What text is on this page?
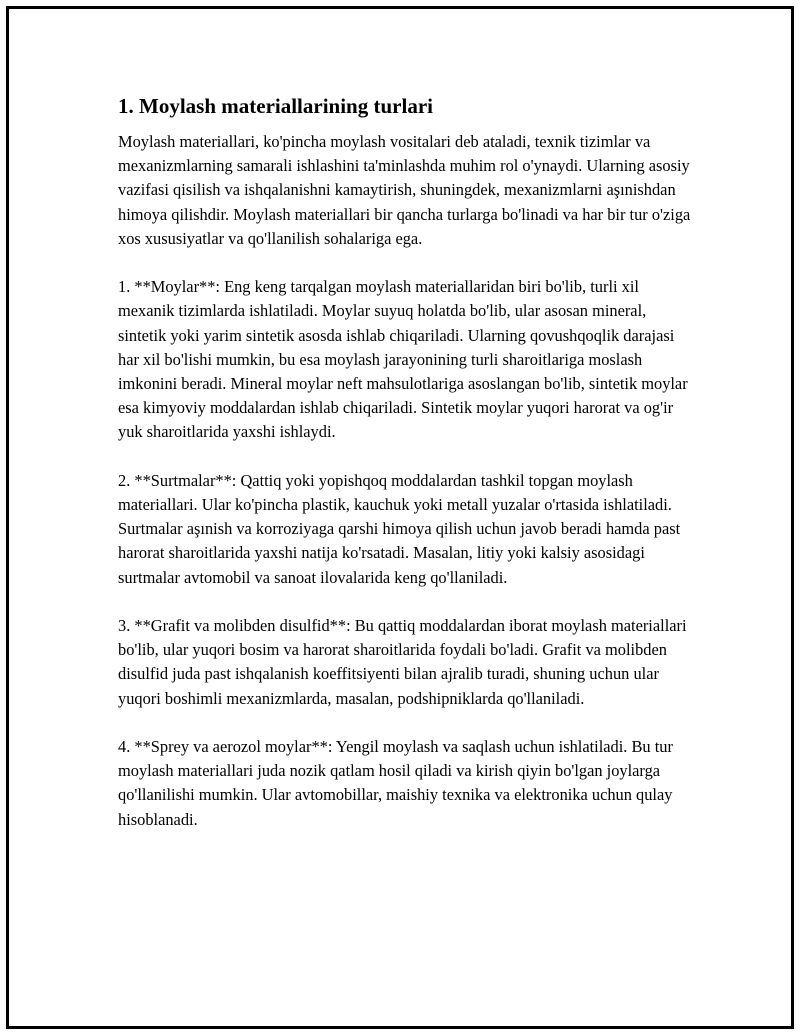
1. Moylash materiallarining turlari

Moylash materiallari, ko'pincha moylash vositalari deb ataladi, texnik tizimlar va mexanizmlarning samarali ishlashini ta'minlashda muhim rol o'ynaydi. Ularning asosiy vazifasi qisilish va ishqalanishni kamaytirish, shuningdek, mexanizmlarni aşınishdan himoya qilishdir. Moylash materiallari bir qancha turlarga bo'linadi va har bir tur o'ziga xos xususiyatlar va qo'llanilish sohalariga ega.

1. **Moylar**: Eng keng tarqalgan moylash materiallaridan biri bo'lib, turli xil mexanik tizimlarda ishlatiladi. Moylar suyuq holatda bo'lib, ular asosan mineral, sintetik yoki yarim sintetik asosda ishlab chiqariladi. Ularning qovushqoqlik darajasi har xil bo'lishi mumkin, bu esa moylash jarayonining turli sharoitlariga moslash imkonini beradi. Mineral moylar neft mahsulotlariga asoslangan bo'lib, sintetik moylar esa kimyoviy moddalardan ishlab chiqariladi. Sintetik moylar yuqori harorat va og'ir yuk sharoitlarida yaxshi ishlaydi.

2. **Surtmalar**: Qattiq yoki yopishqoq moddalardan tashkil topgan moylash materiallari. Ular ko'pincha plastik, kauchuk yoki metall yuzalar o'rtasida ishlatiladi. Surtmalar aşınish va korroziyaga qarshi himoya qilish uchun javob beradi hamda past harorat sharoitlarida yaxshi natija ko'rsatadi. Masalan, litiy yoki kalsiy asosidagi surtmalar avtomobil va sanoat ilovalarida keng qo'llaniladi.

3. **Grafit va molibden disulfid**: Bu qattiq moddalardan iborat moylash materiallari bo'lib, ular yuqori bosim va harorat sharoitlarida foydali bo'ladi. Grafit va molibden disulfid juda past ishqalanish koeffitsiyenti bilan ajralib turadi, shuning uchun ular yuqori boshimli mexanizmlarda, masalan, podshipniklarda qo'llaniladi.

4. **Sprey va aerozol moylar**: Yengil moylash va saqlash uchun ishlatiladi. Bu tur moylash materiallari juda nozik qatlam hosil qiladi va kirish qiyin bo'lgan joylarga qo'llanilishi mumkin. Ular avtomobillar, maishiy texnika va elektronika uchun qulay hisoblanadi.
